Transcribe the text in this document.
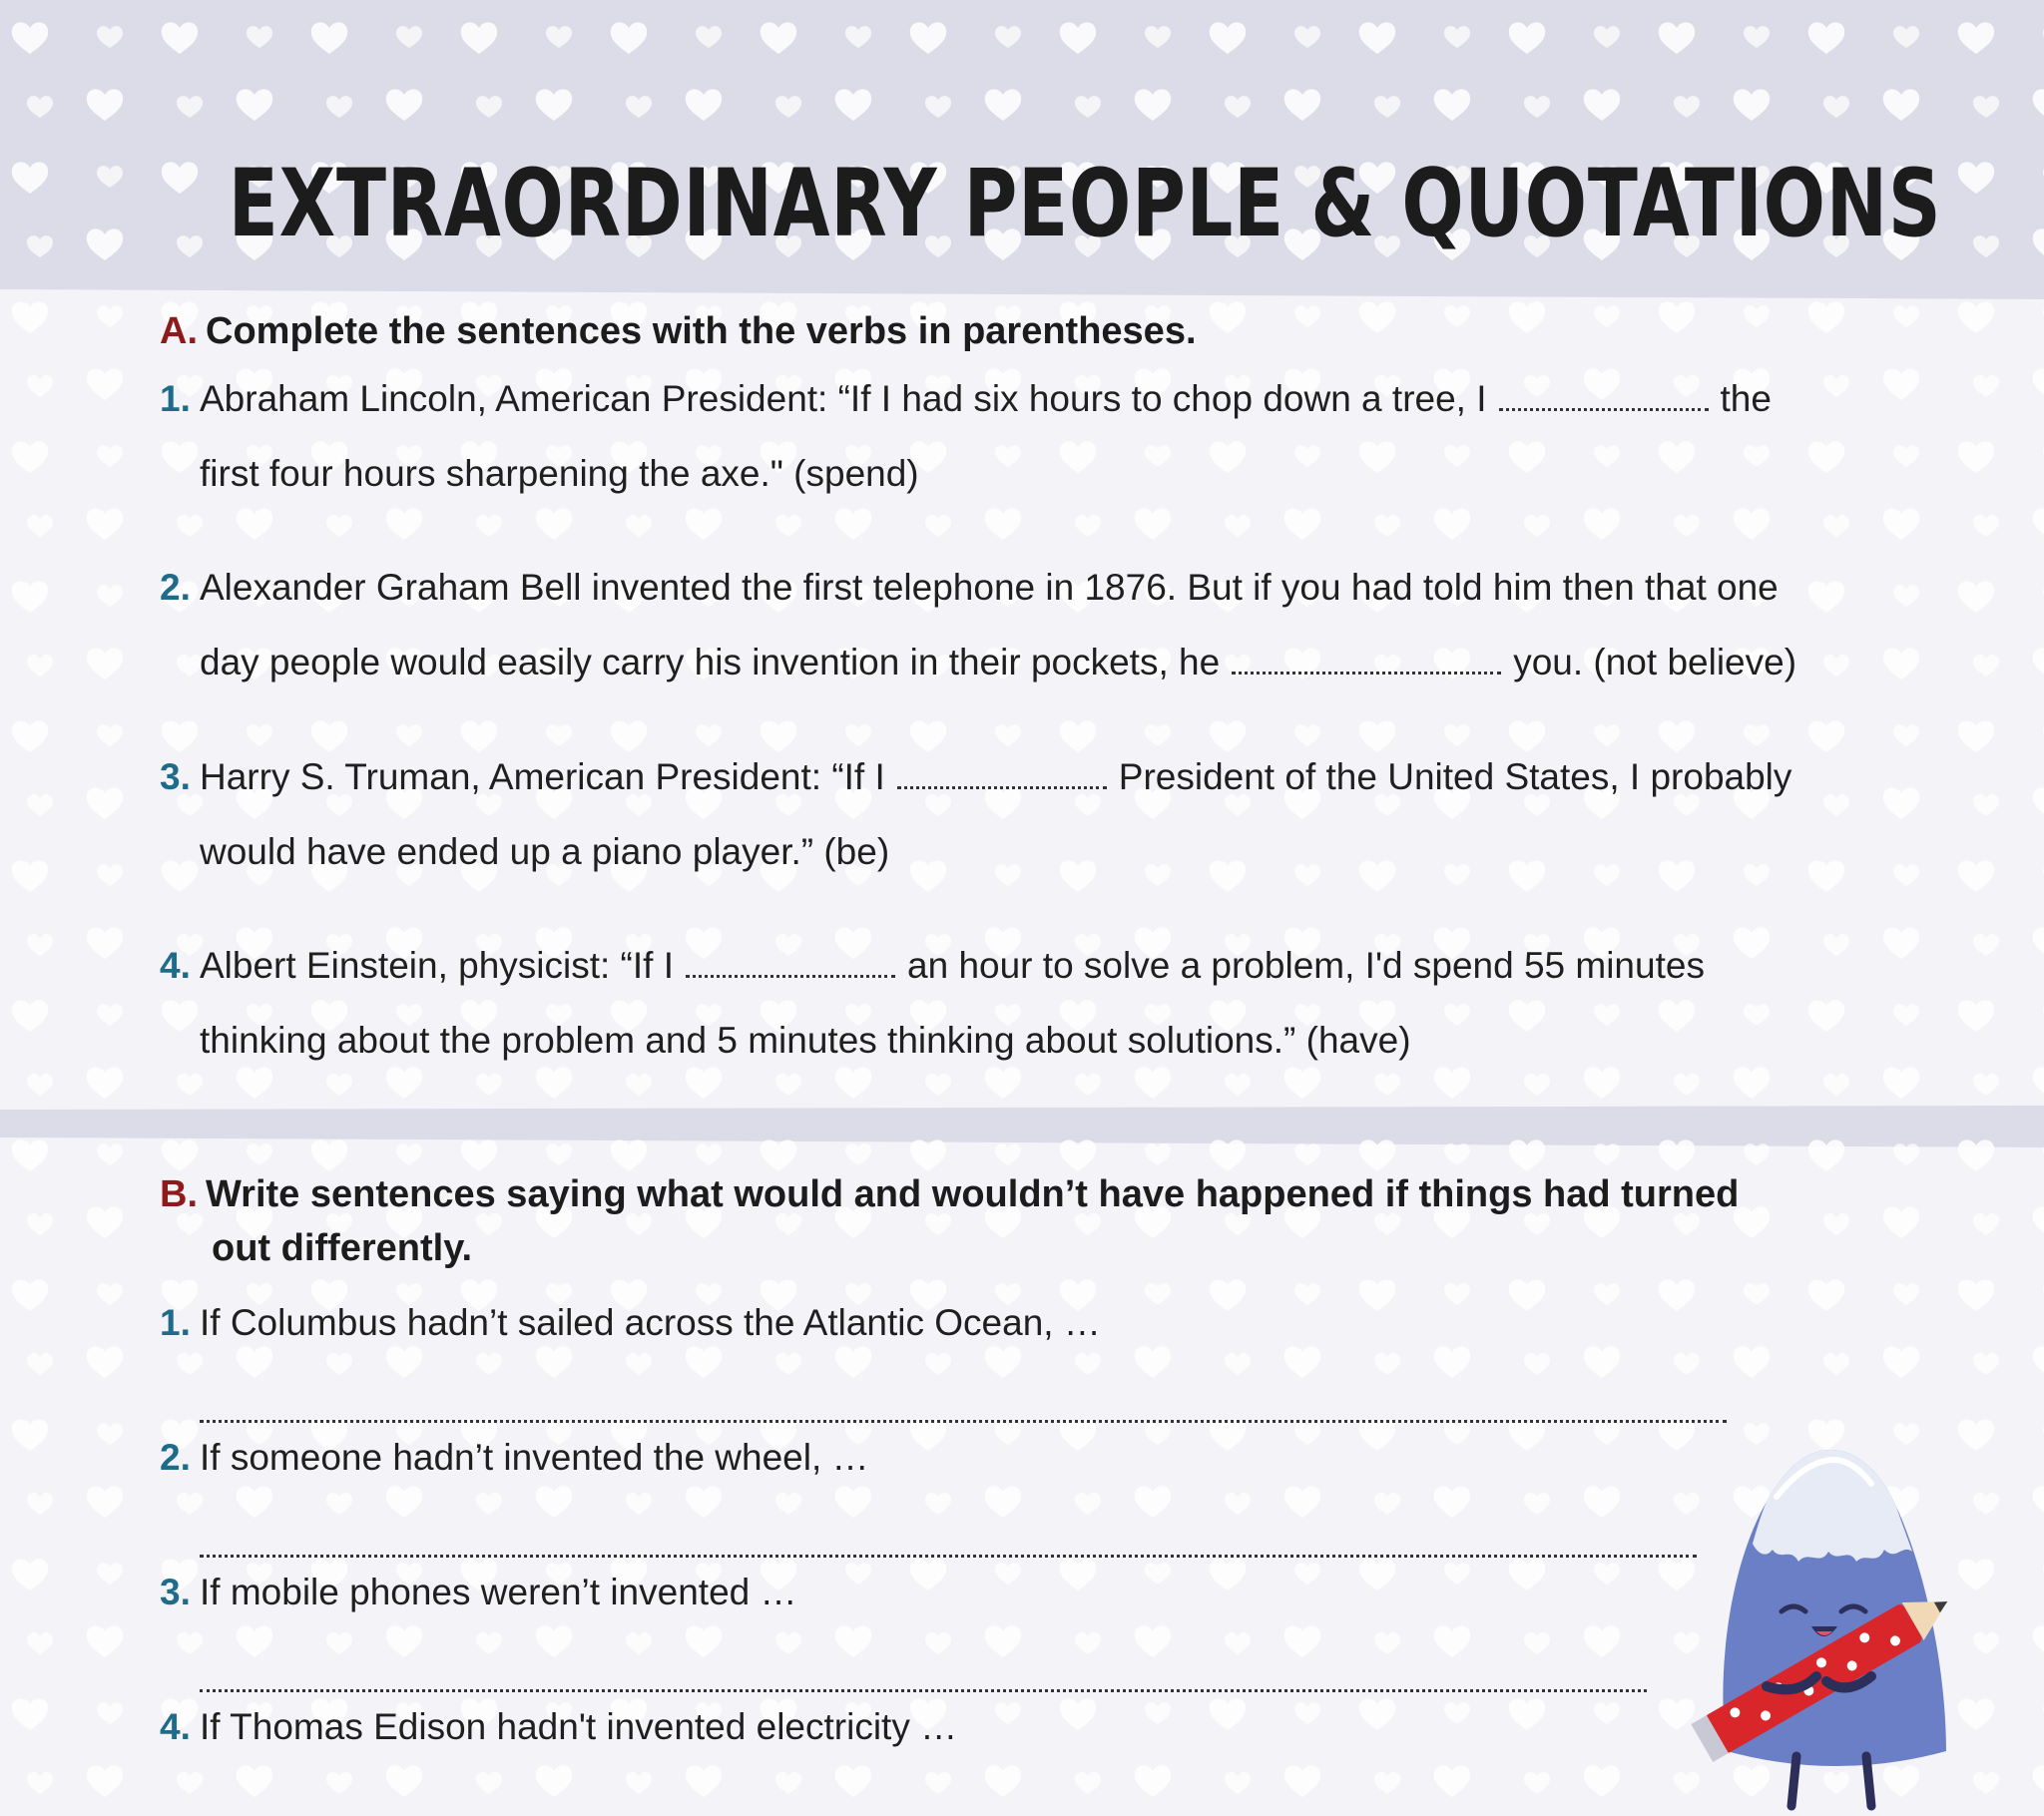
EXTRAORDINARY PEOPLE & QUOTATIONS
A. Complete the sentences with the verbs in parentheses.
1. Abraham Lincoln, American President: “If I had six hours to chop down a tree, I	the
first four hours sharpening the axe." (spend)
2. Alexander Graham Bell invented the first telephone in 1876. But if you had told him then that one
day people would easily carry his invention in their pockets, he	you. (not believe)
3. Harry S. Truman, American President: “If I	President of the United States, I probably
would have ended up a piano player.” (be)
4. Albert Einstein, physicist: “If I	an hour to solve a problem, I'd spend 55 minutes
thinking about the problem and 5 minutes thinking about solutions.” (have)
B. Write sentences saying what would and wouldn’t have happened if things had turned
out differently.
1. If Columbus hadn’t sailed across the Atlantic Ocean, …
2. If someone hadn’t invented the wheel, …
3. If mobile phones weren’t invented …
4. If Thomas Edison hadn't invented electricity …
